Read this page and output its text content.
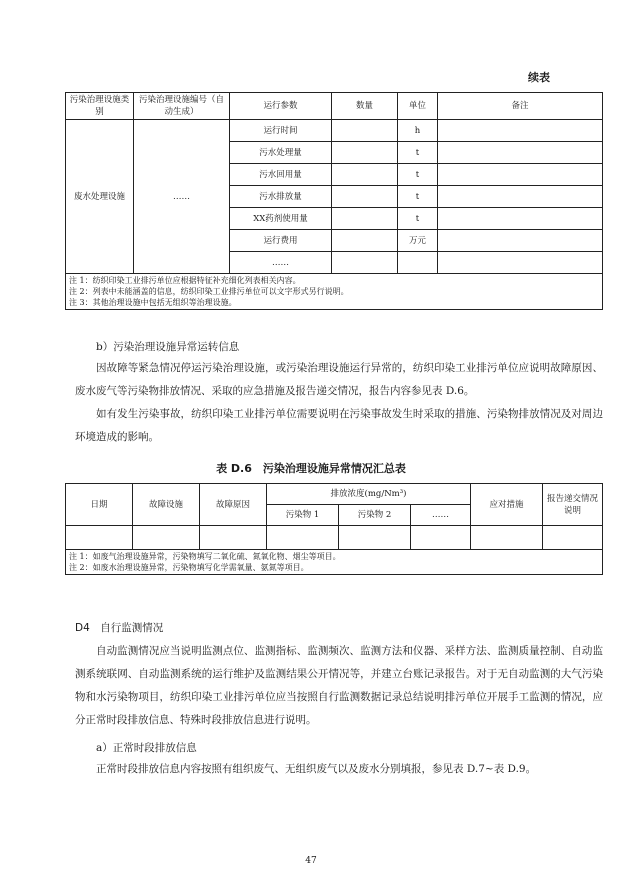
续表
污染治理设施类别	污染治理设施编号（自动生成）	运行参数	数量	单位	备注
废水处理设施	……	运行时间		h	
		污水处理量		t	
		污水回用量		t	
		污水排放量		t	
		XX药剂使用量		t	
		运行费用		万元	
		……			

注 1：纺织印染工业排污单位应根据特征补充细化列表相关内容。
注 2：列表中未能涵盖的信息，纺织印染工业排污单位可以文字形式另行说明。
注 3：其他治理设施中包括无组织等治理设施。					
b）污染治理设施异常运转信息
因故障等紧急情况停运污染治理设施，或污染治理设施运行异常的，纺织印染工业排污单位应说明故障原因、废水废气等污染物排放情况、采取的应急措施及报告递交情况，报告内容参见表 D.6。
如有发生污染事故，纺织印染工业排污单位需要说明在污染事故发生时采取的措施、污染物排放情况及对周边环境造成的影响。
表 D.6　污染治理设施异常情况汇总表
日期	故障设施	故障原因	排放浓度(mg/Nm³)			应对措施	报告递交情况说明
			污染物 1	污染物 2	……		

注 1：如废气治理设施异常，污染物填写二氧化硫、氮氧化物、烟尘等项目。
注 2：如废水治理设施异常，污染物填写化学需氧量、氨氮等项目。							
D4　自行监测情况
自动监测情况应当说明监测点位、监测指标、监测频次、监测方法和仪器、采样方法、监测质量控制、自动监测系统联网、自动监测系统的运行维护及监测结果公开情况等，并建立台账记录报告。对于无自动监测的大气污染物和水污染物项目，纺织印染工业排污单位应当按照自行监测数据记录总结说明排污单位开展手工监测的情况，应分正常时段排放信息、特殊时段排放信息进行说明。
a）正常时段排放信息
正常时段排放信息内容按照有组织废气、无组织废气以及废水分别填报，参见表 D.7~表 D.9。
47
